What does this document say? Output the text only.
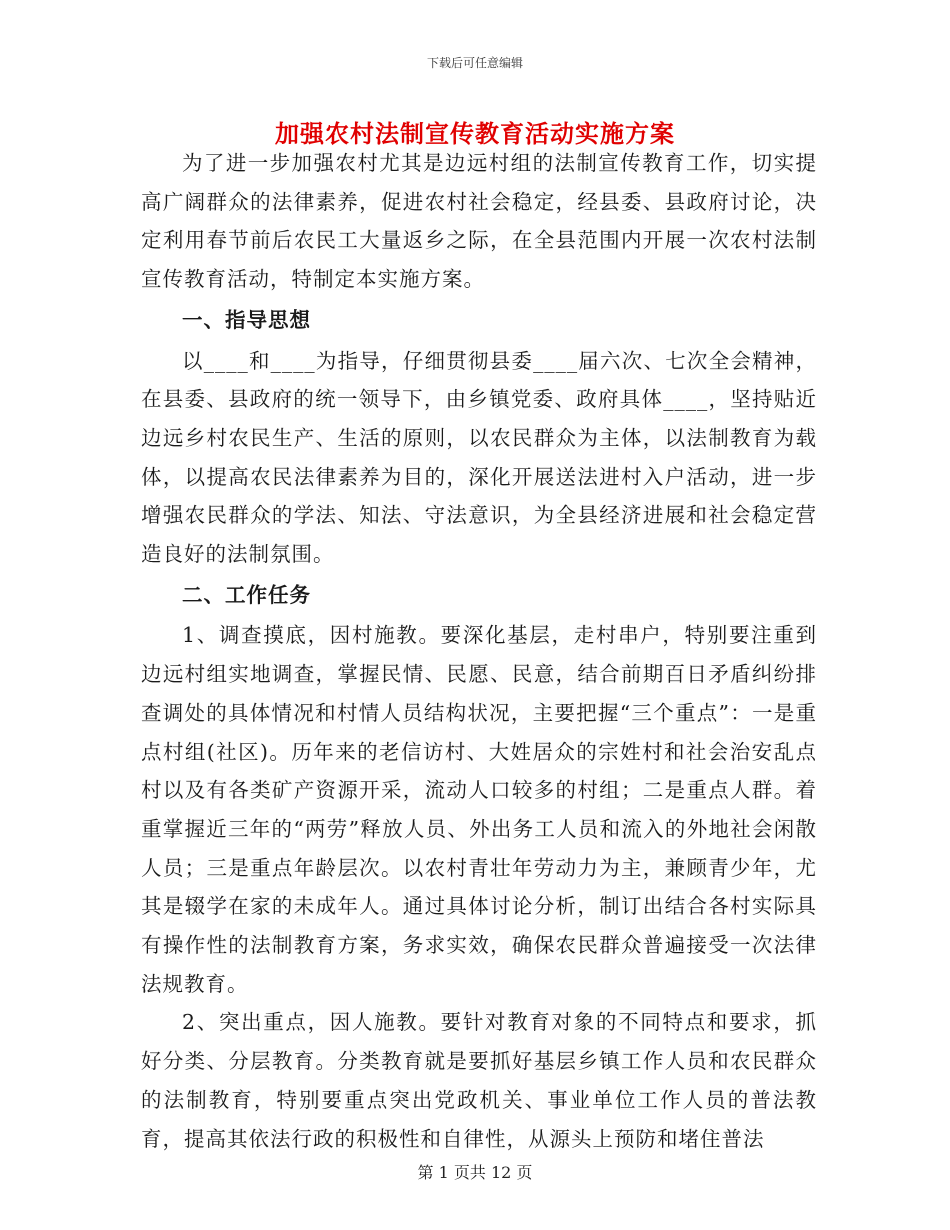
下载后可任意编辑
加强农村法制宣传教育活动实施方案

为了进一步加强农村尤其是边远村组的法制宣传教育工作，切实提高广阔群众的法律素养，促进农村社会稳定，经县委、县政府讨论，决定利用春节前后农民工大量返乡之际，在全县范围内开展一次农村法制宣传教育活动，特制定本实施方案。

一、指导思想

以____和____为指导，仔细贯彻县委____届六次、七次全会精神，在县委、县政府的统一领导下，由乡镇党委、政府具体____，坚持贴近边远乡村农民生产、生活的原则，以农民群众为主体，以法制教育为载体，以提高农民法律素养为目的，深化开展送法进村入户活动，进一步增强农民群众的学法、知法、守法意识，为全县经济进展和社会稳定营造良好的法制氛围。

二、工作任务

1、调查摸底，因村施教。要深化基层，走村串户，特别要注重到边远村组实地调查，掌握民情、民愿、民意，结合前期百日矛盾纠纷排查调处的具体情况和村情人员结构状况，主要把握“三个重点”：一是重点村组(社区)。历年来的老信访村、大姓居众的宗姓村和社会治安乱点村以及有各类矿产资源开采，流动人口较多的村组；二是重点人群。着重掌握近三年的“两劳”释放人员、外出务工人员和流入的外地社会闲散人员；三是重点年龄层次。以农村青壮年劳动力为主，兼顾青少年，尤其是辍学在家的未成年人。通过具体讨论分析，制订出结合各村实际具有操作性的法制教育方案，务求实效，确保农民群众普遍接受一次法律法规教育。

2、突出重点，因人施教。要针对教育对象的不同特点和要求，抓好分类、分层教育。分类教育就是要抓好基层乡镇工作人员和农民群众的法制教育，特别要重点突出党政机关、事业单位工作人员的普法教育，提高其依法行政的积极性和自律性，从源头上预防和堵住普法

第 1 页共 12 页
